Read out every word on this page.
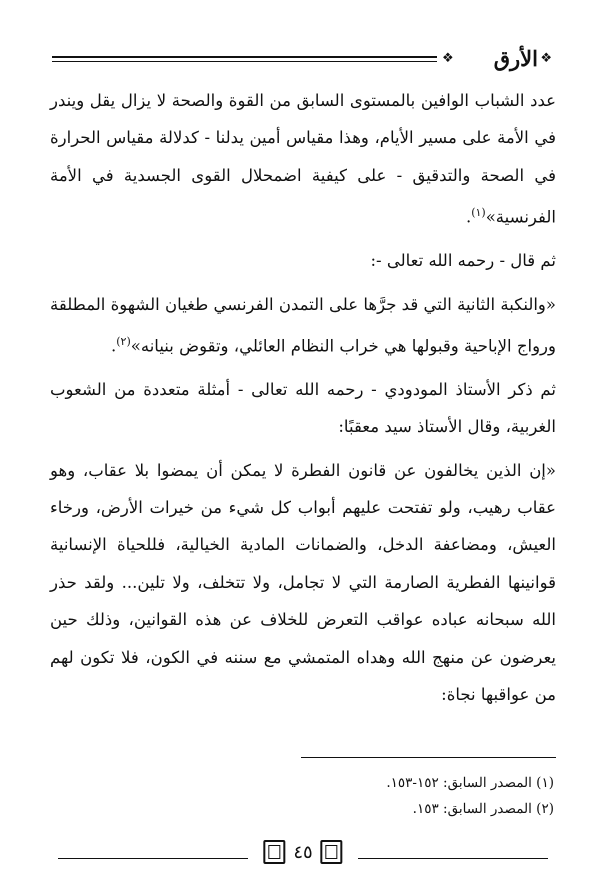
❖ الأرق ❖

عدد الشباب الوافين بالمستوى السابق من القوة والصحة لا يزال يقل ويندر في الأمة على مسير الأيام، وهذا مقياس أمين يدلنا - كدلالة مقياس الحرارة في الصحة والتدقيق - على كيفية اضمحلال القوى الجسدية في الأمة الفرنسية»$^{(١)}$.

ثم قال - رحمه الله تعالى -:

«والنكبة الثانية التي قد جرَّها على التمدن الفرنسي طغيان الشهوة المطلقة ورواج الإباحية وقبولها هي خراب النظام العائلي، وتقوض بنيانه»$^{(٢)}$.

ثم ذكر الأستاذ المودودي - رحمه الله تعالى - أمثلة متعددة من الشعوب الغربية، وقال الأستاذ سيد معقبًا:

«إن الذين يخالفون عن قانون الفطرة لا يمكن أن يمضوا بلا عقاب، وهو عقاب رهيب، ولو تفتحت عليهم أبواب كل شيء من خيرات الأرض، ورخاء العيش، ومضاعفة الدخل، والضمانات المادية الخيالية، فللحياة الإنسانية قوانينها الفطرية الصارمة التي لا تجامل، ولا تتخلف، ولا تلين... ولقد حذر الله سبحانه عباده عواقب التعرض للخلاف عن هذه القوانين، وذلك حين يعرضون عن منهج الله وهداه المتمشي مع سننه في الكون، فلا تكون لهم من عواقبها نجاة:

(١) المصدر السابق: ١٥٢-١٥٣.
(٢) المصدر السابق: ١٥٣.
٤٥
